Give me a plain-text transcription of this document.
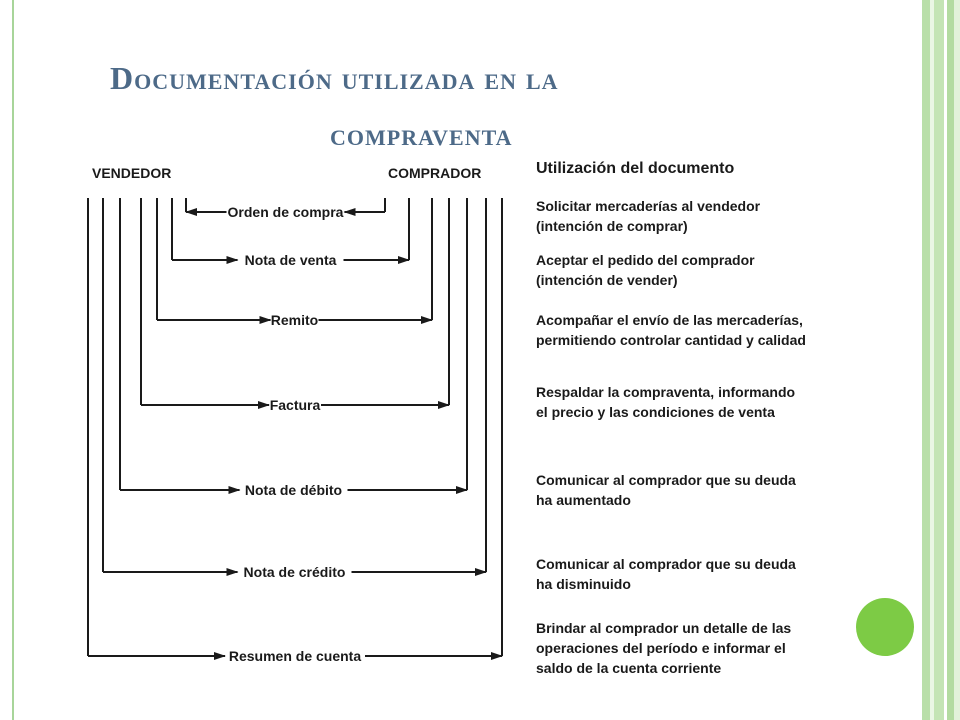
Documentación utilizada en la
compraventa
VENDEDOR	COMPRADOR
Orden de compra
Nota de venta
Remito
Factura
Nota de débito
Nota de crédito
Resumen de cuenta

Utilización del documento

Solicitar mercaderías al vendedor (intención de comprar)

Aceptar el pedido del comprador (intención de vender)

Acompañar el envío de las mercaderías, permitiendo controlar cantidad y calidad

Respaldar la compraventa, informando el precio y las condiciones de venta

Comunicar al comprador que su deuda ha aumentado

Comunicar al comprador que su deuda ha disminuido

Brindar al comprador un detalle de las operaciones del período e informar el saldo de la cuenta corriente
